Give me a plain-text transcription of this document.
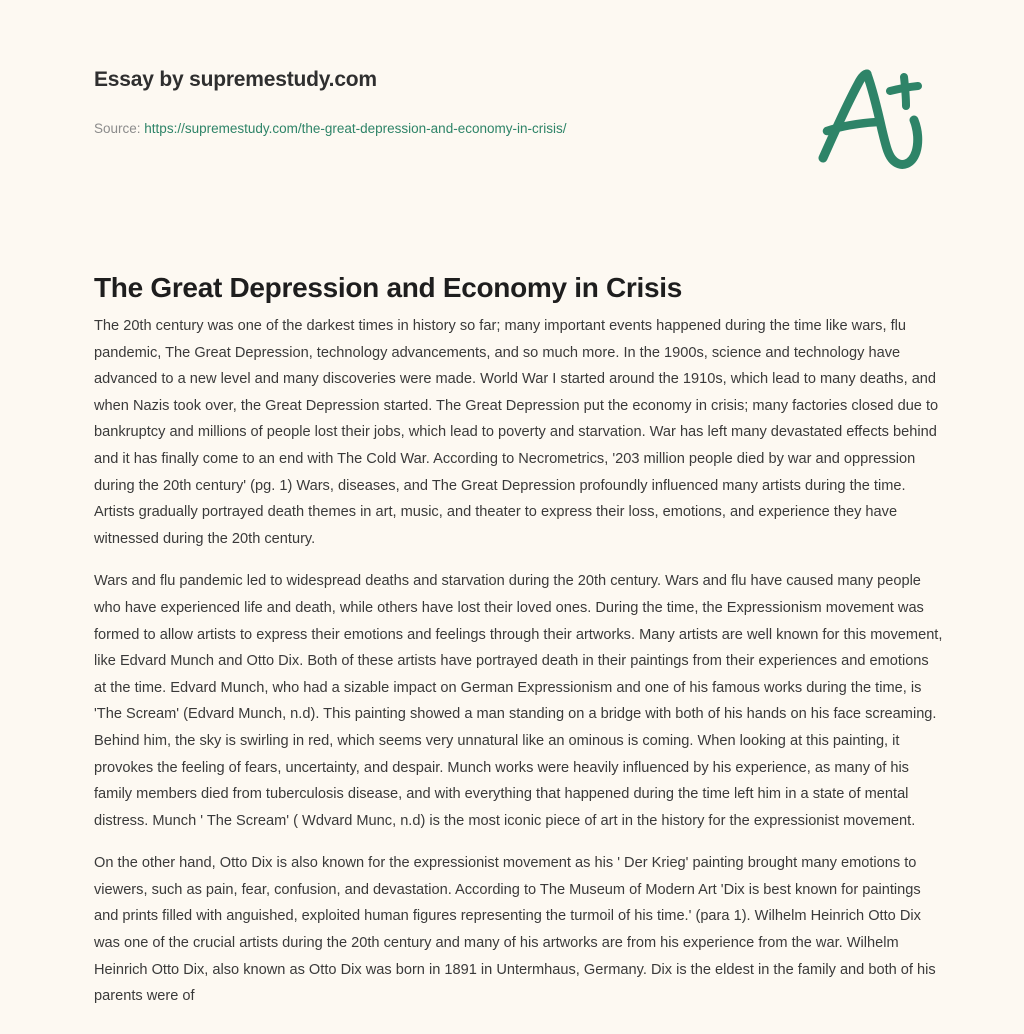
Essay by supremestudy.com
Source: https://supremestudy.com/the-great-depression-and-economy-in-crisis/
The Great Depression and Economy in Crisis

The 20th century was one of the darkest times in history so far; many important events happened during the time like wars, flu pandemic, The Great Depression, technology advancements, and so much more. In the 1900s, science and technology have advanced to a new level and many discoveries were made. World War I started around the 1910s, which lead to many deaths, and when Nazis took over, the Great Depression started. The Great Depression put the economy in crisis; many factories closed due to bankruptcy and millions of people lost their jobs, which lead to poverty and starvation. War has left many devastated effects behind and it has finally come to an end with The Cold War. According to Necrometrics, '203 million people died by war and oppression during the 20th century' (pg. 1) Wars, diseases, and The Great Depression profoundly influenced many artists during the time. Artists gradually portrayed death themes in art, music, and theater to express their loss, emotions, and experience they have witnessed during the 20th century.

Wars and flu pandemic led to widespread deaths and starvation during the 20th century. Wars and flu have caused many people who have experienced life and death, while others have lost their loved ones. During the time, the Expressionism movement was formed to allow artists to express their emotions and feelings through their artworks. Many artists are well known for this movement, like Edvard Munch and Otto Dix. Both of these artists have portrayed death in their paintings from their experiences and emotions at the time. Edvard Munch, who had a sizable impact on German Expressionism and one of his famous works during the time, is 'The Scream' (Edvard Munch, n.d). This painting showed a man standing on a bridge with both of his hands on his face screaming. Behind him, the sky is swirling in red, which seems very unnatural like an ominous is coming. When looking at this painting, it provokes the feeling of fears, uncertainty, and despair. Munch works were heavily influenced by his experience, as many of his family members died from tuberculosis disease, and with everything that happened during the time left him in a state of mental distress. Munch ' The Scream' ( Wdvard Munc, n.d) is the most iconic piece of art in the history for the expressionist movement.

On the other hand, Otto Dix is also known for the expressionist movement as his ' Der Krieg' painting brought many emotions to viewers, such as pain, fear, confusion, and devastation. According to The Museum of Modern Art 'Dix is best known for paintings and prints filled with anguished, exploited human figures representing the turmoil of his time.' (para 1). Wilhelm Heinrich Otto Dix was one of the crucial artists during the 20th century and many of his artworks are from his experience from the war. Wilhelm Heinrich Otto Dix, also known as Otto Dix was born in 1891 in Untermhaus, Germany. Dix is the eldest in the family and both of his parents were of
